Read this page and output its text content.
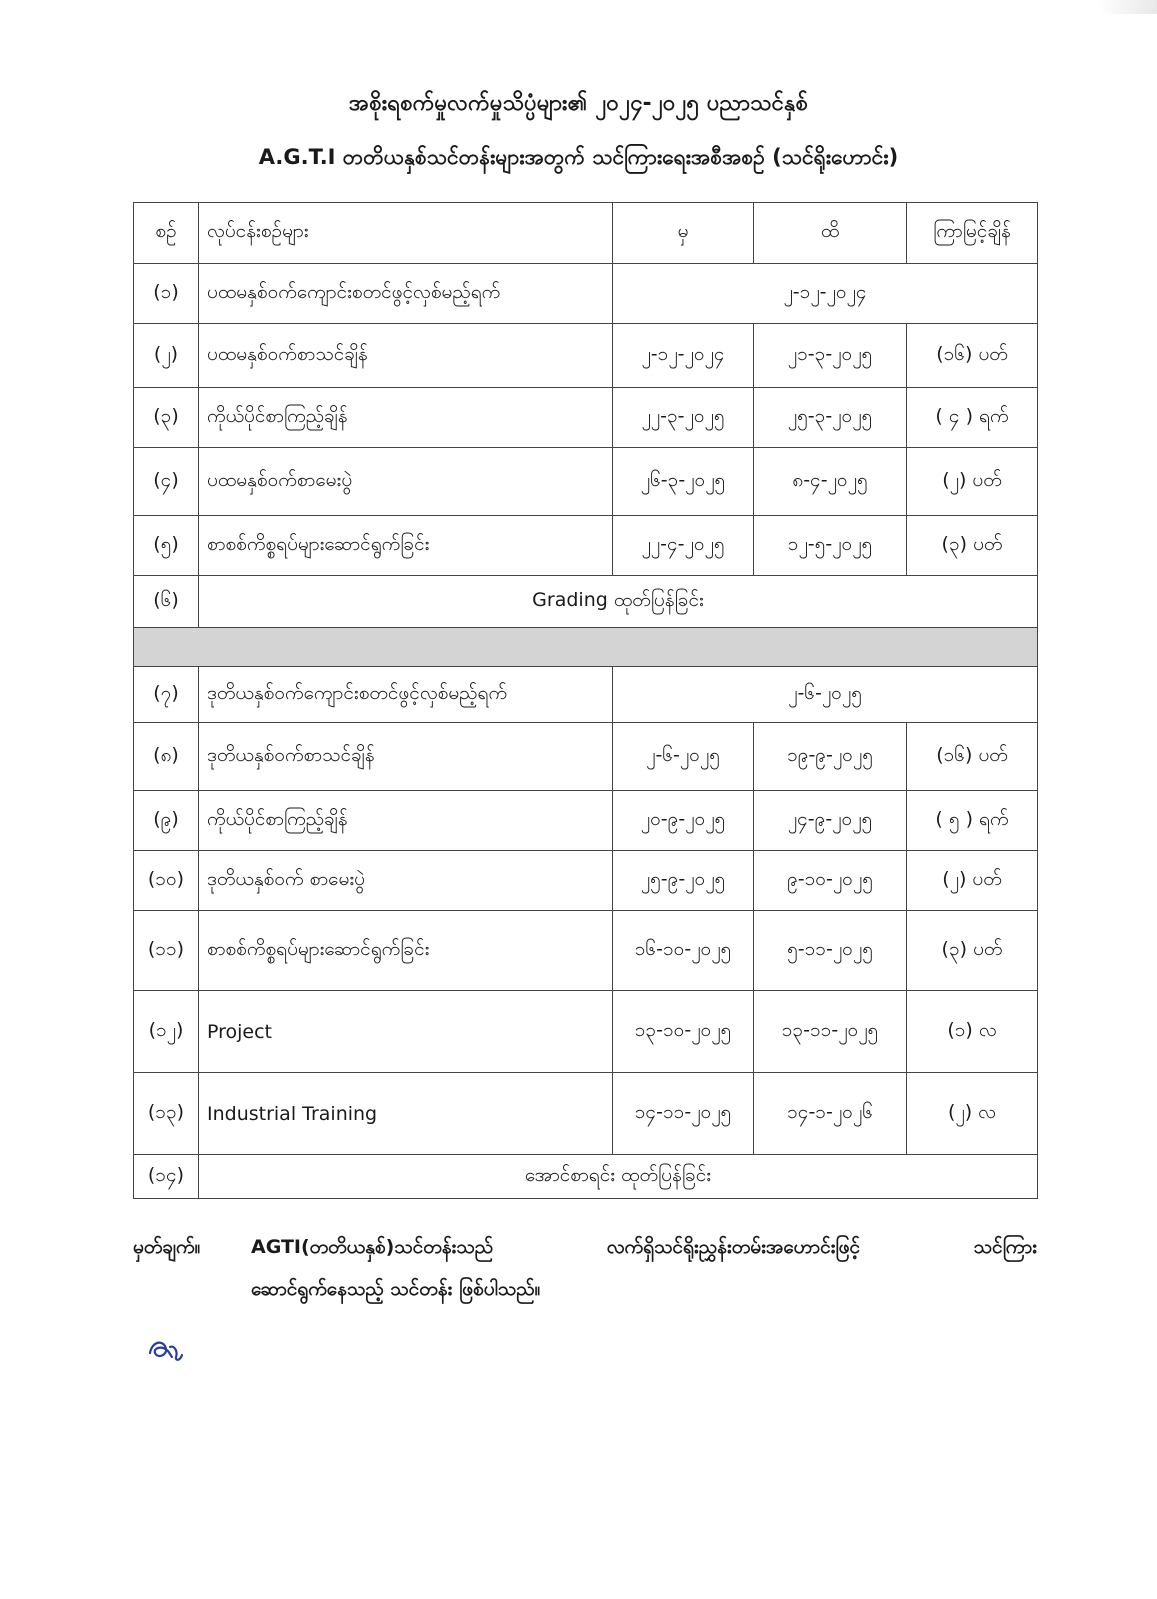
အစိုးရစက်မှုလက်မှုသိပ္ပံများ၏ ၂၀၂၄-၂၀၂၅ ပညာသင်နှစ်
A.G.T.I တတိယနှစ်သင်တန်းများအတွက် သင်ကြားရေးအစီအစဉ် (သင်ရိုးဟောင်း)
စဉ်	လုပ်ငန်းစဉ်များ	မှ	ထိ	ကြာမြင့်ချိန်
(၁)	ပထမနှစ်ဝက်ကျောင်းစတင်ဖွင့်လှစ်မည့်ရက်	၂-၁၂-၂၀၂၄		
(၂)	ပထမနှစ်ဝက်စာသင်ချိန်	၂-၁၂-၂၀၂၄	၂၁-၃-၂၀၂၅	(၁၆) ပတ်
(၃)	ကိုယ်ပိုင်စာကြည့်ချိန်	၂၂-၃-၂၀၂၅	၂၅-၃-၂၀၂၅	( ၄ ) ရက်
(၄)	ပထမနှစ်ဝက်စာမေးပွဲ	၂၆-၃-၂၀၂၅	၈-၄-၂၀၂၅	(၂) ပတ်
(၅)	စာစစ်ကိစ္စရပ်များဆောင်ရွက်ခြင်း	၂၂-၄-၂၀၂၅	၁၂-၅-၂၀၂၅	(၃) ပတ်
(၆)	Grading ထုတ်ပြန်ခြင်း			

(၇)	ဒုတိယနှစ်ဝက်ကျောင်းစတင်ဖွင့်လှစ်မည့်ရက်	၂-၆-၂၀၂၅		
(၈)	ဒုတိယနှစ်ဝက်စာသင်ချိန်	၂-၆-၂၀၂၅	၁၉-၉-၂၀၂၅	(၁၆) ပတ်
(၉)	ကိုယ်ပိုင်စာကြည့်ချိန်	၂၀-၉-၂၀၂၅	၂၄-၉-၂၀၂၅	( ၅ ) ရက်
(၁၀)	ဒုတိယနှစ်ဝက် စာမေးပွဲ	၂၅-၉-၂၀၂၅	၉-၁၀-၂၀၂၅	(၂) ပတ်
(၁၁)	စာစစ်ကိစ္စရပ်များဆောင်ရွက်ခြင်း	၁၆-၁၀-၂၀၂၅	၅-၁၁-၂၀၂၅	(၃) ပတ်
(၁၂)	Project	၁၃-၁၀-၂၀၂၅	၁၃-၁၁-၂၀၂၅	(၁) လ
(၁၃)	Industrial Training	၁၄-၁၁-၂၀၂၅	၁၄-၁-၂၀၂၆	(၂) လ
(၁၄)	အောင်စာရင်း ထုတ်ပြန်ခြင်း			
မှတ်ချက်။	AGTI(တတိယနှစ်)သင်တန်းသည် လက်ရှိသင်ရိုးညွှန်းတမ်းအဟောင်းဖြင့် သင်ကြား
ဆောင်ရွက်နေသည့် သင်တန်း ဖြစ်ပါသည်။
